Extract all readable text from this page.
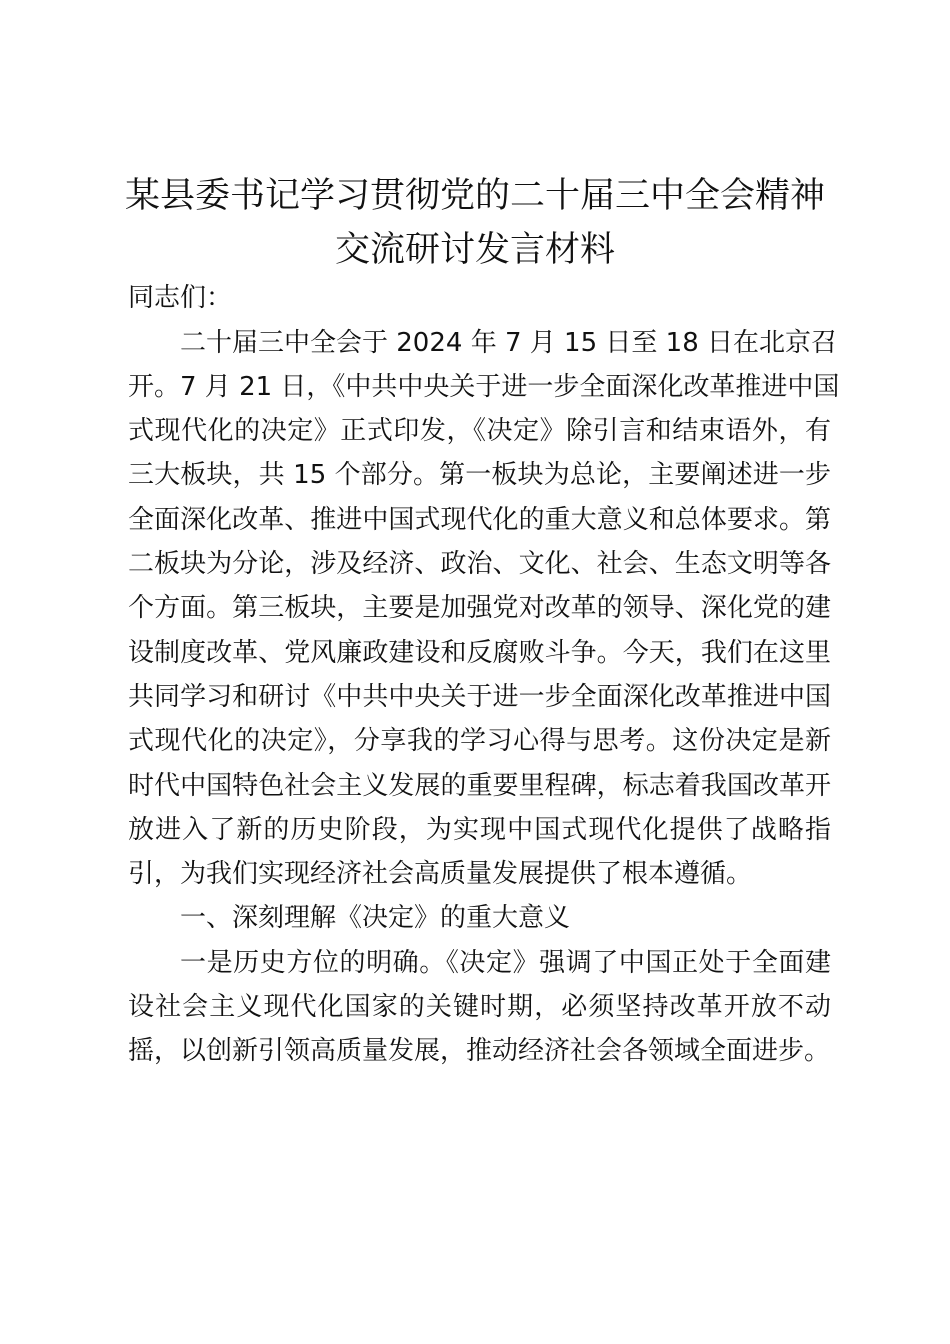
某县委书记学习贯彻党的二十届三中全会精神
交流研讨发言材料
同志们：
二十届三中全会于 2024 年 7 月 15 日至 18 日在北京召
开。7 月 21 日，《中共中央关于进一步全面深化改革推进中国
式现代化的决定》正式印发，《决定》除引言和结束语外，有
三大板块，共 15 个部分。第一板块为总论，主要阐述进一步
全面深化改革、推进中国式现代化的重大意义和总体要求。第
二板块为分论，涉及经济、政治、文化、社会、生态文明等各
个方面。第三板块，主要是加强党对改革的领导、深化党的建
设制度改革、党风廉政建设和反腐败斗争。今天，我们在这里
共同学习和研讨《中共中央关于进一步全面深化改革推进中国
式现代化的决定》，分享我的学习心得与思考。这份决定是新
时代中国特色社会主义发展的重要里程碑，标志着我国改革开
放进入了新的历史阶段，为实现中国式现代化提供了战略指
引，为我们实现经济社会高质量发展提供了根本遵循。
一、深刻理解《决定》的重大意义
一是历史方位的明确。《决定》强调了中国正处于全面建
设社会主义现代化国家的关键时期，必须坚持改革开放不动
摇，以创新引领高质量发展，推动经济社会各领域全面进步。
